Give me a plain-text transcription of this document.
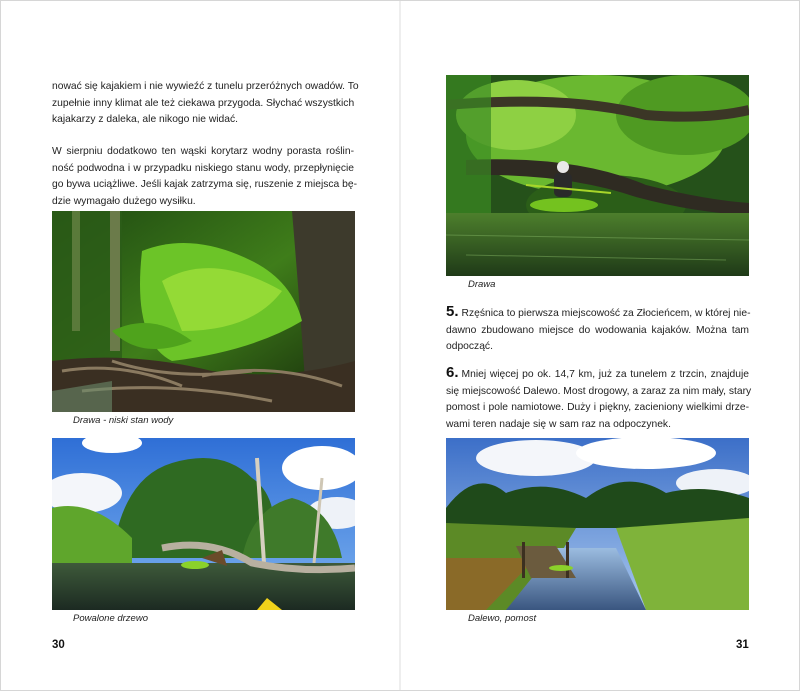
nować się kajakiem i nie wywieźć z tunelu przeróżnych owadów. To
zupełnie inny klimat ale też ciekawa przygoda. Słychać wszystkich
kajakarzy z daleka, ale nikogo nie widać.

W sierpniu dodatkowo ten wąski korytarz wodny porasta roślin-
ność podwodna i w przypadku niskiego stanu wody, przepłynięcie
go bywa uciążliwe. Jeśli kajak zatrzyma się, ruszenie z miejsca bę-
dzie wymagało dużego wysiłku.

Drawa - niski stan wody
Powalone drzewo
30
Drawa

5. Rzęśnica to pierwsza miejscowość za Złocieńcem, w której nie-
dawno zbudowano miejsce do wodowania kajaków. Można tam
odpocząć.

6. Mniej więcej po ok. 14,7 km, już za tunelem z trzcin, znajduje
się miejscowość Dalewo. Most drogowy, a zaraz za nim mały, stary
pomost i pole namiotowe. Duży i piękny, zacieniony wielkimi drze-
wami teren nadaje się w sam raz na odpoczynek.

Dalewo, pomost
31
